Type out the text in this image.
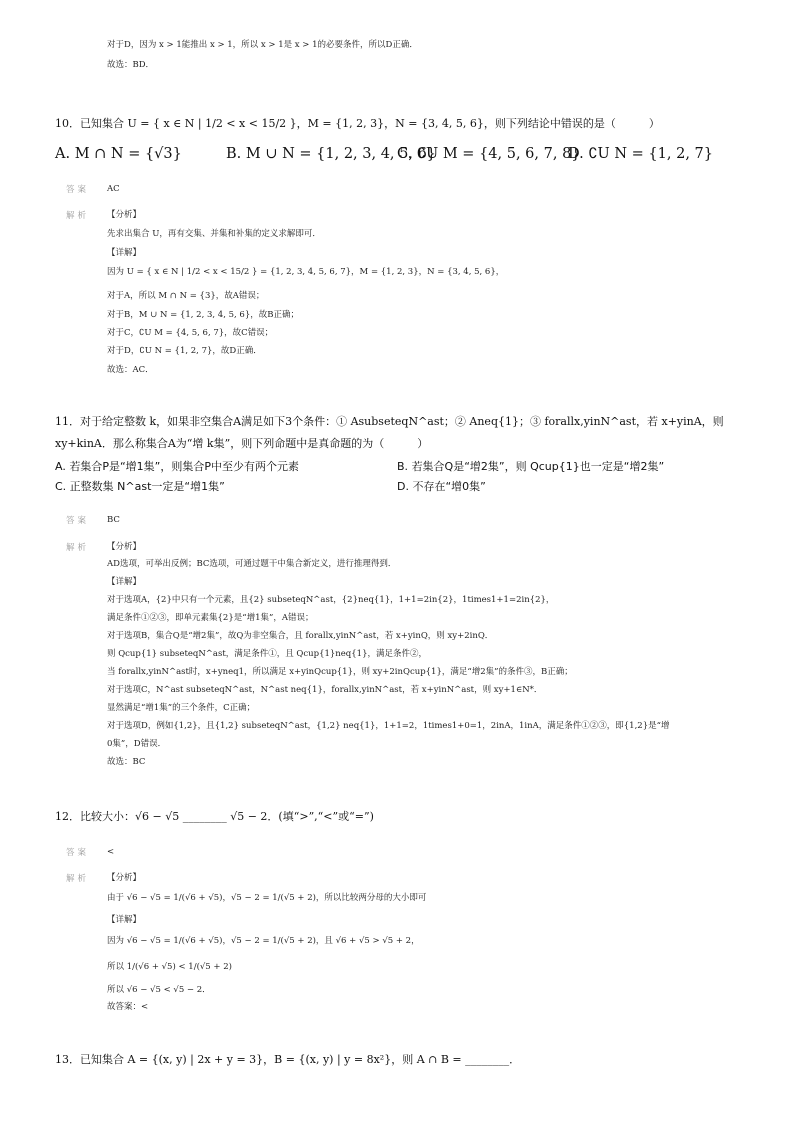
对于D，因为 x > 1能推出 x > 1，所以 x > 1是 x > 1的必要条件，所以D正确．
故选：BD．
10．已知集合 U = { x ∈ N | 1/2 < x < 15/2 }，M = {1, 2, 3}，N = {3, 4, 5, 6}，则下列结论中错误的是（　　　）
A. M ∩ N = {√3}	B. M ∪ N = {1, 2, 3, 4, 5, 6}
C. ∁U M = {4, 5, 6, 7, 8}
D. ∁U N = {1, 2, 7}
答案 AC
解析 【分析】
先求出集合 U，再有交集、并集和补集的定义求解即可．
【详解】
因为 U = { x ∈ N | 1/2 < x < 15/2 } = {1, 2, 3, 4, 5, 6, 7}，M = {1, 2, 3}，N = {3, 4, 5, 6}，
对于A，所以 M ∩ N = {3}，故A错误；
对于B，M ∪ N = {1, 2, 3, 4, 5, 6}，故B正确；
对于C，∁U M = {4, 5, 6, 7}，故C错误；
对于D，∁U N = {1, 2, 7}，故D正确．
故选：AC．
11．对于给定整数 k，如果非空集合A满足如下3个条件：① AsubseteqN^ast；② Aneq{1}；③ forallx,yinN^ast，若 x+yinA，则
xy+kinA．那么称集合A为“增 k集”，则下列命题中是真命题的为（　　　）
A. 若集合P是“增1集”，则集合P中至少有两个元素	B. 若集合Q是“增2集”，则 Qcup{1}也一定是“增2集”
C. 正整数集 N^ast一定是“增1集”	D. 不存在“增0集”
答案 BC
解析 【分析】
AD选项，可举出反例；BC选项，可通过题干中集合新定义，进行推理得到．
【详解】
对于选项A，{2}中只有一个元素，且{2} subseteqN^ast，{2}neq{1}，1+1=2in{2}，1times1+1=2in{2}，
满足条件①②③，即单元素集{2}是“增1集”，A错误；
对于选项B，集合Q是“增2集”，故Q为非空集合，且 forallx,yinN^ast，若 x+yinQ，则 xy+2inQ．
则 Qcup{1} subseteqN^ast，满足条件①，且 Qcup{1}neq{1}，满足条件②，
当 forallx,yinN^ast时，x+yneq1，所以满足 x+yinQcup{1}，则 xy+2inQcup{1}，满足“增2集”的条件③，B正确；
对于选项C，N^ast subseteqN^ast，N^ast neq{1}，forallx,yinN^ast，若 x+yinN^ast，则 xy+1∈N*．
显然满足“增1集”的三个条件，C正确；
对于选项D，例如{1,2}，且{1,2} subseteqN^ast，{1,2} neq{1}，1+1=2，1times1+0=1，2inA，1inA，满足条件①②③，即{1,2}是“增
0集”，D错误．
故选：BC
12．比较大小：√6 − √5 ________ √5 − 2．(填“>”,“<”或“=”)
答案 <
解析 【分析】
由于 √6 − √5 = 1/(√6 + √5)，√5 − 2 = 1/(√5 + 2)，所以比较两分母的大小即可
【详解】
因为 √6 − √5 = 1/(√6 + √5)，√5 − 2 = 1/(√5 + 2)，且 √6 + √5 > √5 + 2，
所以 1/(√6 + √5) < 1/(√5 + 2)
所以 √6 − √5 < √5 − 2．
故答案：<
13．已知集合 A = {(x, y) | 2x + y = 3}，B = {(x, y) | y = 8x²}，则 A ∩ B = ________．
